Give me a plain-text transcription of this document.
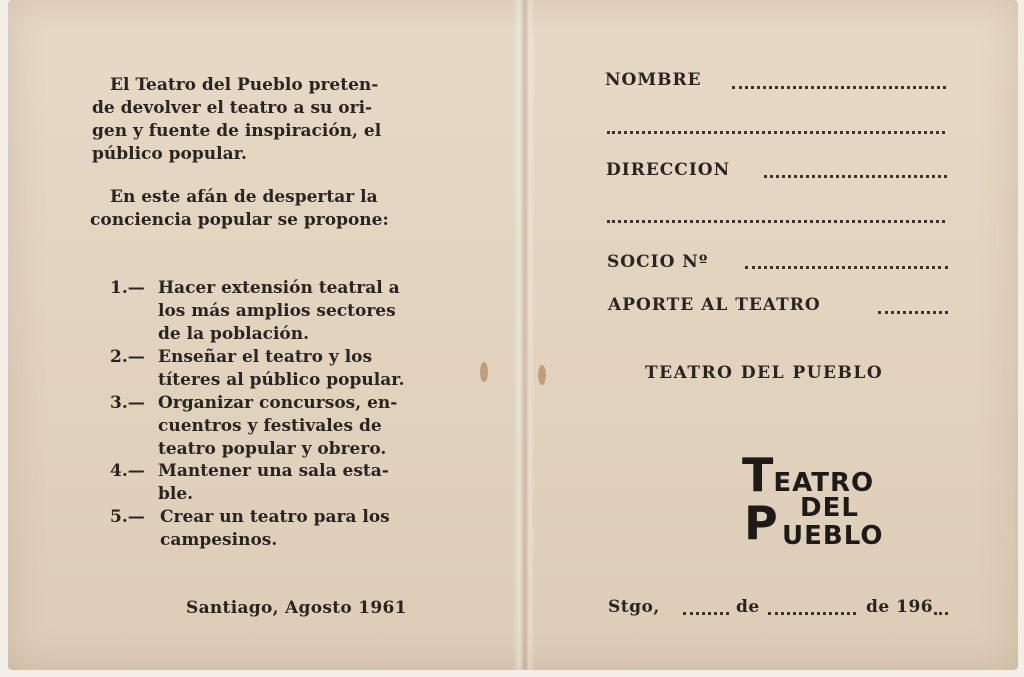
El Teatro del Pueblo preten-
de devolver el teatro a su ori-
gen y fuente de inspiración, el
público popular.
En este afán de despertar la
conciencia popular se propone:
1.— Hacer extensión teatral a
los más amplios sectores
de la población.
2.— Enseñar el teatro y los
títeres al público popular.
3.— Organizar concursos, en-
cuentros y festivales de
teatro popular y obrero.
4.— Mantener una sala esta-
ble.
5.— Crear un teatro para los
campesinos.
Santiago, Agosto 1961
NOMBRE
DIRECCION
SOCIO Nº
APORTE AL TEATRO
TEATRO DEL PUEBLO
TEATRO
DEL
P UEBLO
Stgo,	de	de 196
